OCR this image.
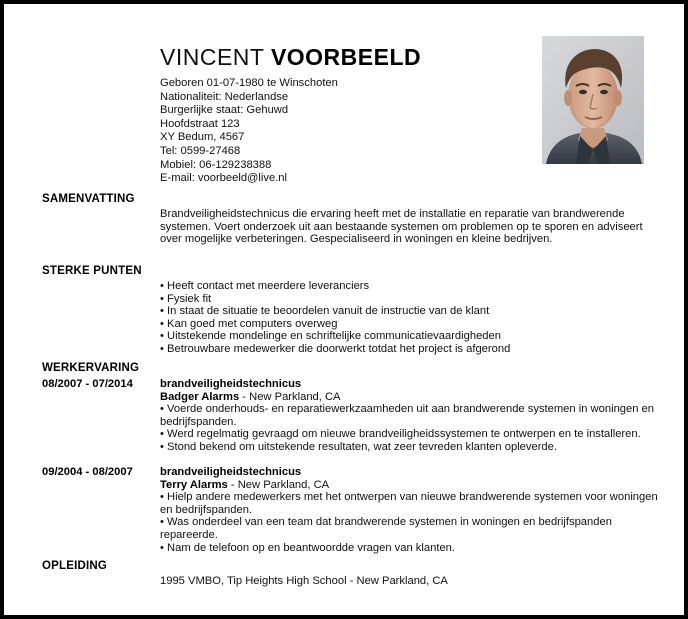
VINCENT VOORBEELD
Geboren 01-07-1980 te Winschoten
Nationaliteit: Nederlandse
Burgerlijke staat: Gehuwd
Hoofdstraat 123
XY Bedum, 4567
Tel: 0599-27468
Mobiel: 06-129238388
E-mail: voorbeeld@live.nl
SAMENVATTING

Brandveiligheidstechnicus die ervaring heeft met de installatie en reparatie van brandwerende systemen. Voert onderzoek uit aan bestaande systemen om problemen op te sporen en adviseert over mogelijke verbeteringen. Gespecialiseerd in woningen en kleine bedrijven.

STERKE PUNTEN
• Heeft contact met meerdere leveranciers
• Fysiek fit
• In staat de situatie te beoordelen vanuit de instructie van de klant
• Kan goed met computers overweg
• Uitstekende mondelinge en schriftelijke communicatievaardigheden
• Betrouwbare medewerker die doorwerkt totdat het project is afgerond
WERKERVARING
08/2007 - 07/2014 brandveiligheidstechnicus
Badger Alarms - New Parkland, CA
• Voerde onderhouds- en reparatiewerkzaamheden uit aan brandwerende systemen in woningen en bedrijfspanden.
• Werd regelmatig gevraagd om nieuwe brandveiligheidssystemen te ontwerpen en te installeren.
• Stond bekend om uitstekende resultaten, wat zeer tevreden klanten opleverde.
09/2004 - 08/2007 brandveiligheidstechnicus
Terry Alarms - New Parkland, CA
• Hielp andere medewerkers met het ontwerpen van nieuwe brandwerende systemen voor woningen en bedrijfspanden.
• Was onderdeel van een team dat brandwerende systemen in woningen en bedrijfspanden repareerde.
• Nam de telefoon op en beantwoordde vragen van klanten.
OPLEIDING

1995 VMBO, Tip Heights High School - New Parkland, CA
